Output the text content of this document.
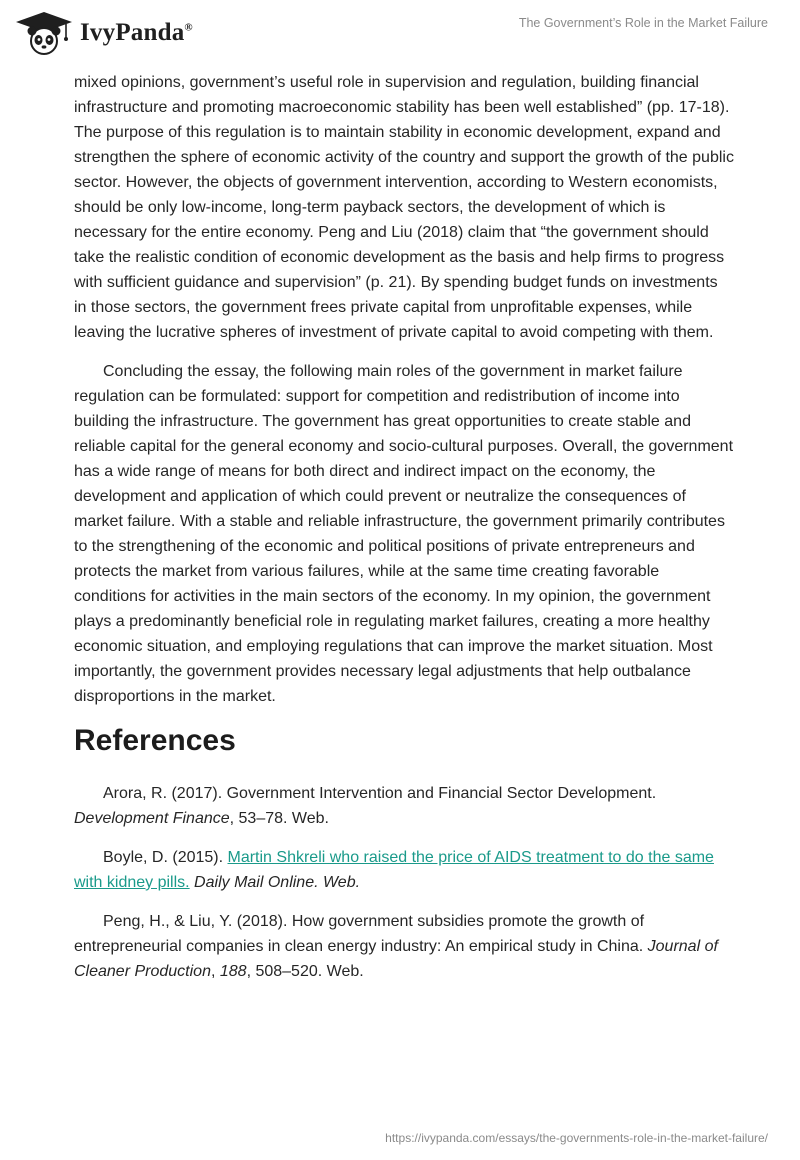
IvyPanda®	The Government’s Role in the Market Failure

mixed opinions, government’s useful role in supervision and regulation, building financial infrastructure and promoting macroeconomic stability has been well established” (pp. 17-18). The purpose of this regulation is to maintain stability in economic development, expand and strengthen the sphere of economic activity of the country and support the growth of the public sector. However, the objects of government intervention, according to Western economists, should be only low-income, long-term payback sectors, the development of which is necessary for the entire economy. Peng and Liu (2018) claim that “the government should take the realistic condition of economic development as the basis and help firms to progress with sufficient guidance and supervision” (p. 21). By spending budget funds on investments in those sectors, the government frees private capital from unprofitable expenses, while leaving the lucrative spheres of investment of private capital to avoid competing with them.

Concluding the essay, the following main roles of the government in market failure regulation can be formulated: support for competition and redistribution of income into building the infrastructure. The government has great opportunities to create stable and reliable capital for the general economy and socio-cultural purposes. Overall, the government has a wide range of means for both direct and indirect impact on the economy, the development and application of which could prevent or neutralize the consequences of market failure. With a stable and reliable infrastructure, the government primarily contributes to the strengthening of the economic and political positions of private entrepreneurs and protects the market from various failures, while at the same time creating favorable conditions for activities in the main sectors of the economy. In my opinion, the government plays a predominantly beneficial role in regulating market failures, creating a more healthy economic situation, and employing regulations that can improve the market situation. Most importantly, the government provides necessary legal adjustments that help outbalance disproportions in the market.

References

Arora, R. (2017). Government Intervention and Financial Sector Development. Development Finance, 53–78. Web.

Boyle, D. (2015). Martin Shkreli who raised the price of AIDS treatment to do the same with kidney pills. Daily Mail Online. Web.

Peng, H., & Liu, Y. (2018). How government subsidies promote the growth of entrepreneurial companies in clean energy industry: An empirical study in China. Journal of Cleaner Production, 188, 508–520. Web.

https://ivypanda.com/essays/the-governments-role-in-the-market-failure/
